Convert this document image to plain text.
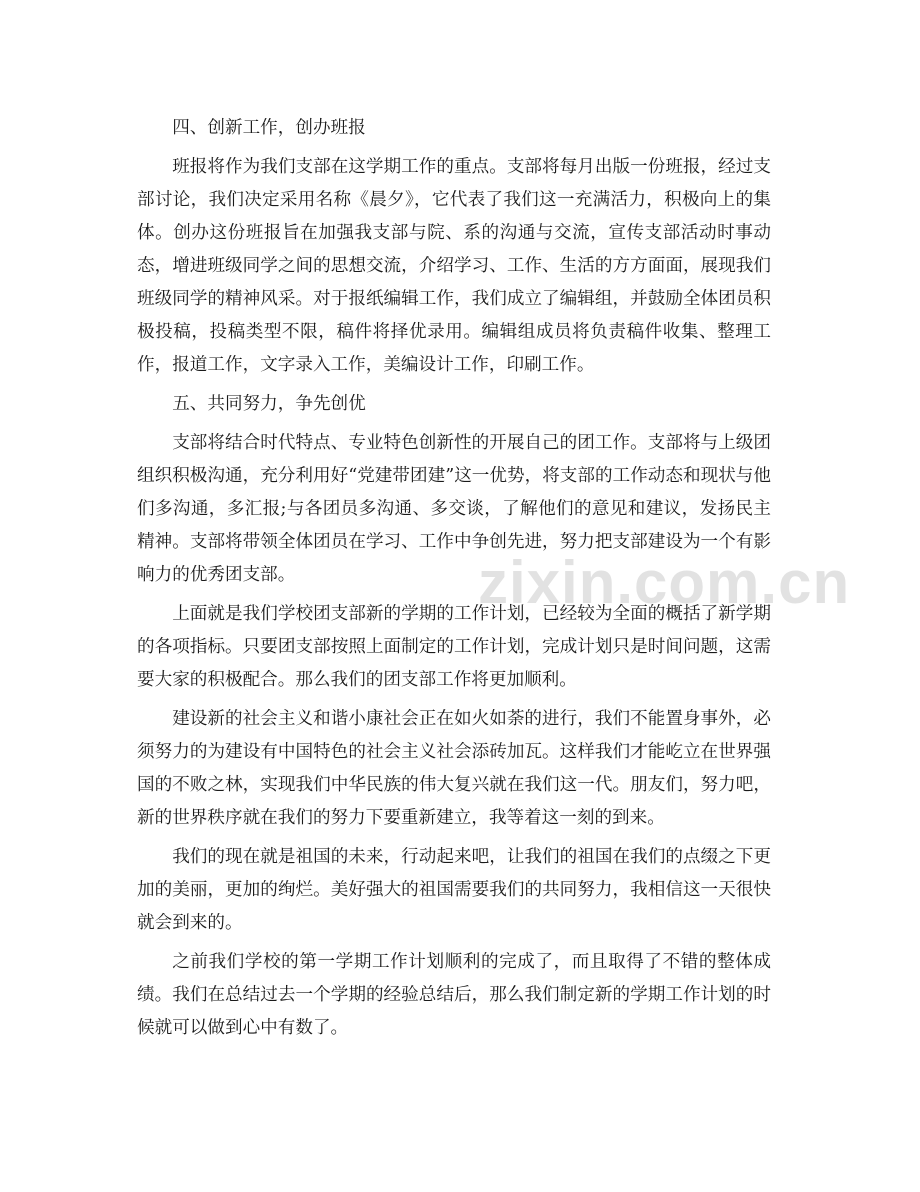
四、创新工作，创办班报

班报将作为我们支部在这学期工作的重点。支部将每月出版一份班报，经过支部讨论，我们决定采用名称《晨夕》，它代表了我们这一充满活力，积极向上的集体。创办这份班报旨在加强我支部与院、系的沟通与交流，宣传支部活动时事动态，增进班级同学之间的思想交流，介绍学习、工作、生活的方方面面，展现我们班级同学的精神风采。对于报纸编辑工作，我们成立了编辑组，并鼓励全体团员积极投稿，投稿类型不限，稿件将择优录用。编辑组成员将负责稿件收集、整理工作，报道工作，文字录入工作，美编设计工作，印刷工作。

五、共同努力，争先创优

支部将结合时代特点、专业特色创新性的开展自己的团工作。支部将与上级团组织积极沟通，充分利用好“党建带团建”这一优势，将支部的工作动态和现状与他们多沟通，多汇报;与各团员多沟通、多交谈，了解他们的意见和建议，发扬民主精神。支部将带领全体团员在学习、工作中争创先进，努力把支部建设为一个有影响力的优秀团支部。

上面就是我们学校团支部新的学期的工作计划，已经较为全面的概括了新学期的各项指标。只要团支部按照上面制定的工作计划，完成计划只是时间问题，这需要大家的积极配合。那么我们的团支部工作将更加顺利。

建设新的社会主义和谐小康社会正在如火如荼的进行，我们不能置身事外，必须努力的为建设有中国特色的社会主义社会添砖加瓦。这样我们才能屹立在世界强国的不败之林，实现我们中华民族的伟大复兴就在我们这一代。朋友们，努力吧，新的世界秩序就在我们的努力下要重新建立，我等着这一刻的到来。

我们的现在就是祖国的未来，行动起来吧，让我们的祖国在我们的点缀之下更加的美丽，更加的绚烂。美好强大的祖国需要我们的共同努力，我相信这一天很快就会到来的。

之前我们学校的第一学期工作计划顺利的完成了，而且取得了不错的整体成绩。我们在总结过去一个学期的经验总结后，那么我们制定新的学期工作计划的时候就可以做到心中有数了。

zixin.com.cn
